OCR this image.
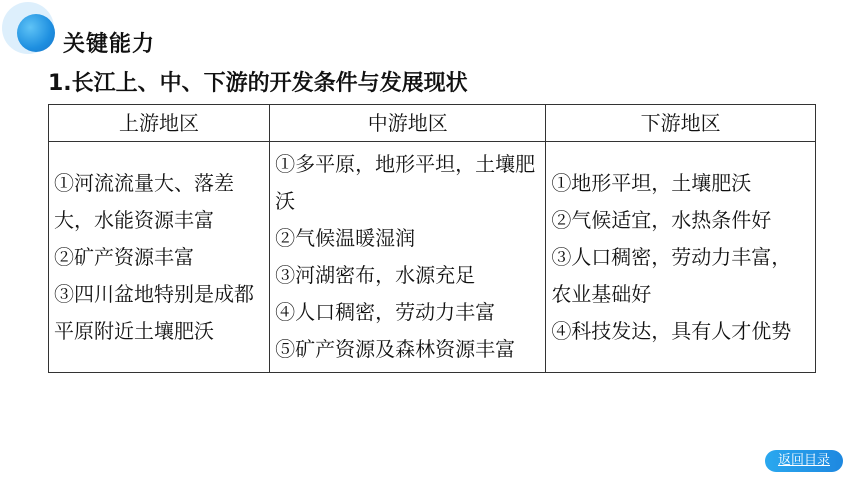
关键能力
1.长江上、中、下游的开发条件与发展现状
上游地区	中游地区	下游地区

①河流流量大、落差大，水能资源丰富
②矿产资源丰富
③四川盆地特别是成都平原附近土壤肥沃	①多平原，地形平坦，土壤肥沃
②气候温暖湿润
③河湖密布，水源充足
④人口稠密，劳动力丰富
⑤矿产资源及森林资源丰富	①地形平坦，土壤肥沃
②气候适宜，水热条件好
③人口稠密，劳动力丰富，农业基础好
④科技发达，具有人才优势
返回目录
